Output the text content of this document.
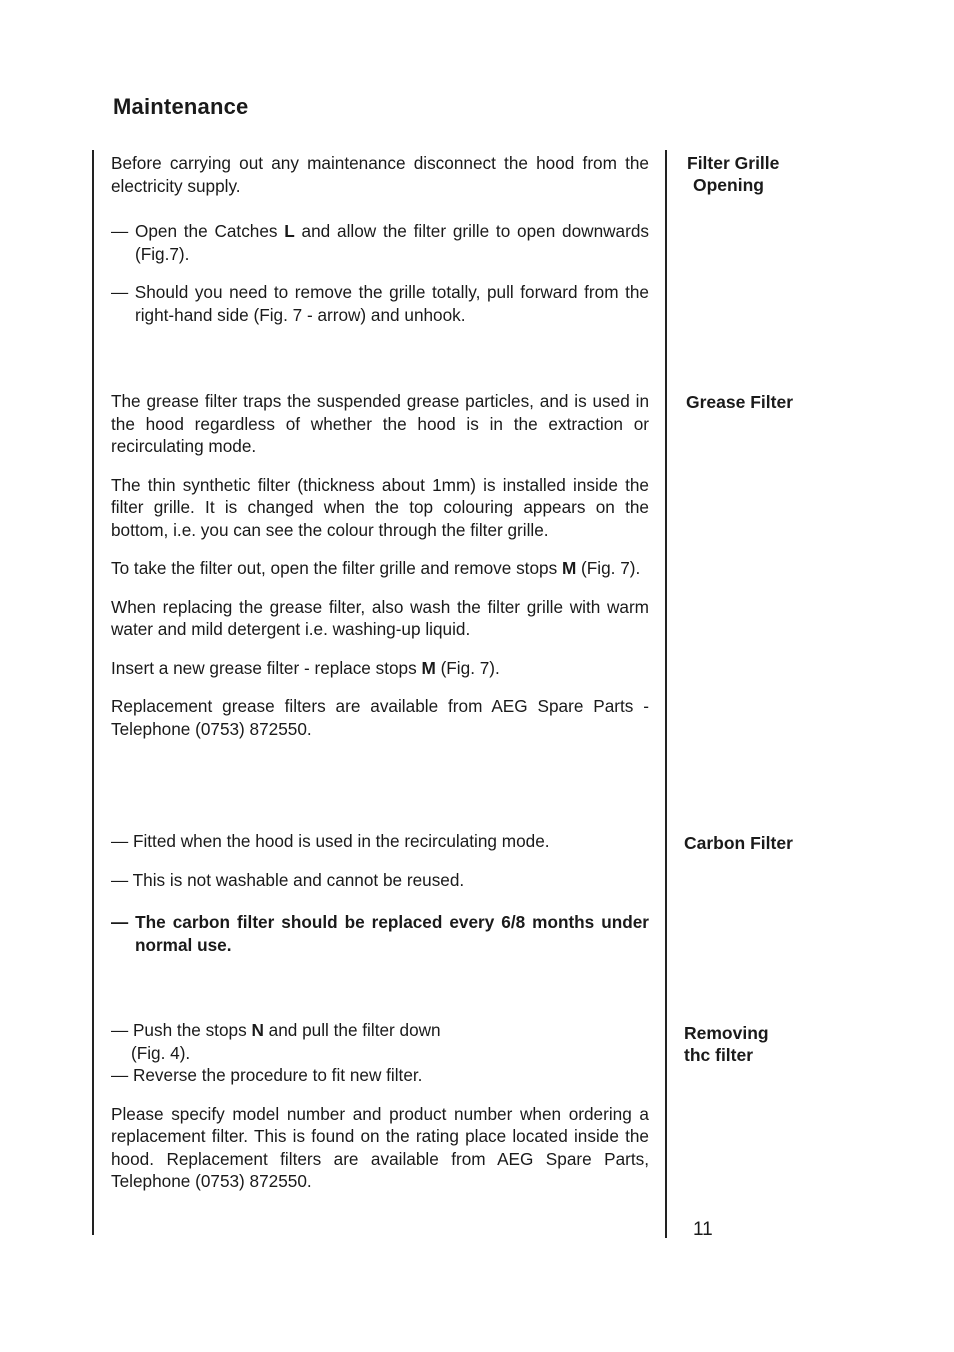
Maintenance

Before carrying out any maintenance disconnect the hood from the electricity supply.

— Open the Catches L and allow the filter grille to open downwards (Fig.7).

— Should you need to remove the grille totally, pull forward from the right-hand side (Fig. 7 - arrow) and unhook.

Filter Grille
Opening

The grease filter traps the suspended grease particles, and is used in the hood regardless of whether the hood is in the extraction or recirculating mode.

The thin synthetic filter (thickness about 1mm) is installed inside the filter grille. It is changed when the top colouring appears on the bottom, i.e. you can see the colour through the filter grille.

To take the filter out, open the filter grille and remove stops M (Fig. 7).

When replacing the grease filter, also wash the filter grille with warm water and mild detergent i.e. washing-up liquid.

Insert a new grease filter - replace stops M (Fig. 7).

Replacement grease filters are available from AEG Spare Parts - Telephone (0753) 872550.

Grease Filter

— Fitted when the hood is used in the recirculating mode.

— This is not washable and cannot be reused.

— The carbon filter should be replaced every 6/8 months under normal use.

Carbon Filter

— Push the stops N and pull the filter down

(Fig. 4).

— Reverse the procedure to fit new filter.

Please specify model number and product number when ordering a replacement filter. This is found on the rating place located inside the hood. Replacement filters are available from AEG Spare Parts, Telephone (0753) 872550.

Removing
thc filter
11
